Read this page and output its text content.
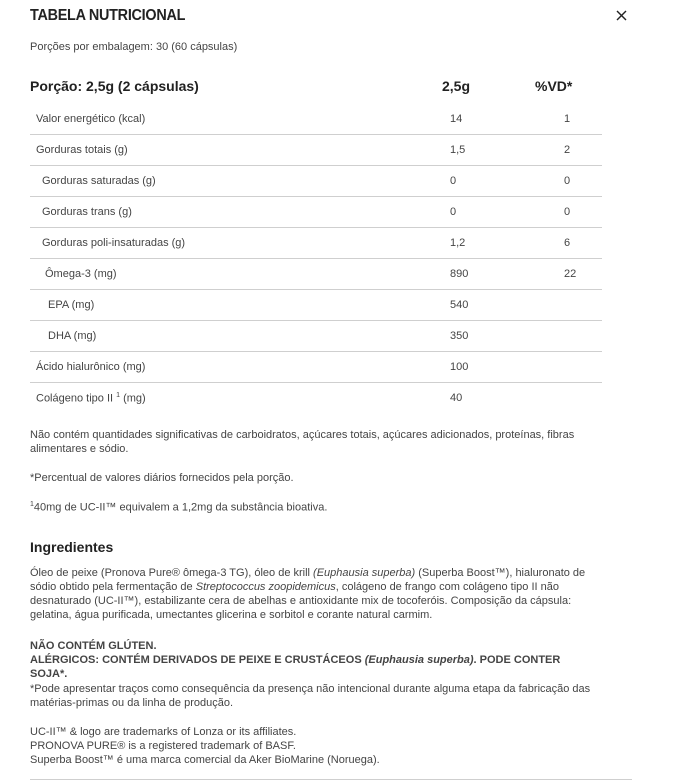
TABELA NUTRICIONAL
Porções por embalagem: 30 (60 cápsulas)
Porção: 2,5g (2 cápsulas)	2,5g	%VD*
Valor energético (kcal)	14	1
Gorduras totais (g)	1,5	2
Gorduras saturadas (g)	0	0
Gorduras trans (g)	0	0
Gorduras poli-insaturadas (g)	1,2	6
Ômega-3 (mg)	890	22
EPA (mg)	540
DHA (mg)	350
Ácido hialurônico (mg)	100
Colágeno tipo II $^1$ (mg)	40
Não contém quantidades significativas de carboidratos, açúcares totais, açúcares adicionados, proteínas, fibras alimentares e sódio.
*Percentual de valores diários fornecidos pela porção.
$^1$40mg de UC-II™ equivalem a 1,2mg da substância bioativa.
Ingredientes
Óleo de peixe (Pronova Pure® ômega-3 TG), óleo de krill (Euphausia superba) (Superba Boost™), hialuronato de sódio obtido pela fermentação de Streptococcus zoopidemicus, colágeno de frango com colágeno tipo II não desnaturado (UC-II™), estabilizante cera de abelhas e antioxidante mix de tocoferóis. Composição da cápsula: gelatina, água purificada, umectantes glicerina e sorbitol e corante natural carmim.
NÃO CONTÉM GLÚTEN.
ALÉRGICOS: CONTÉM DERIVADOS DE PEIXE E CRUSTÁCEOS (Euphausia superba). PODE CONTER SOJA*.
*Pode apresentar traços como consequência da presença não intencional durante alguma etapa da fabricação das matérias-primas ou da linha de produção.
UC-II™ & logo are trademarks of Lonza or its affiliates.
PRONOVA PURE® is a registered trademark of BASF.
Superba Boost™ é uma marca comercial da Aker BioMarine (Noruega).
